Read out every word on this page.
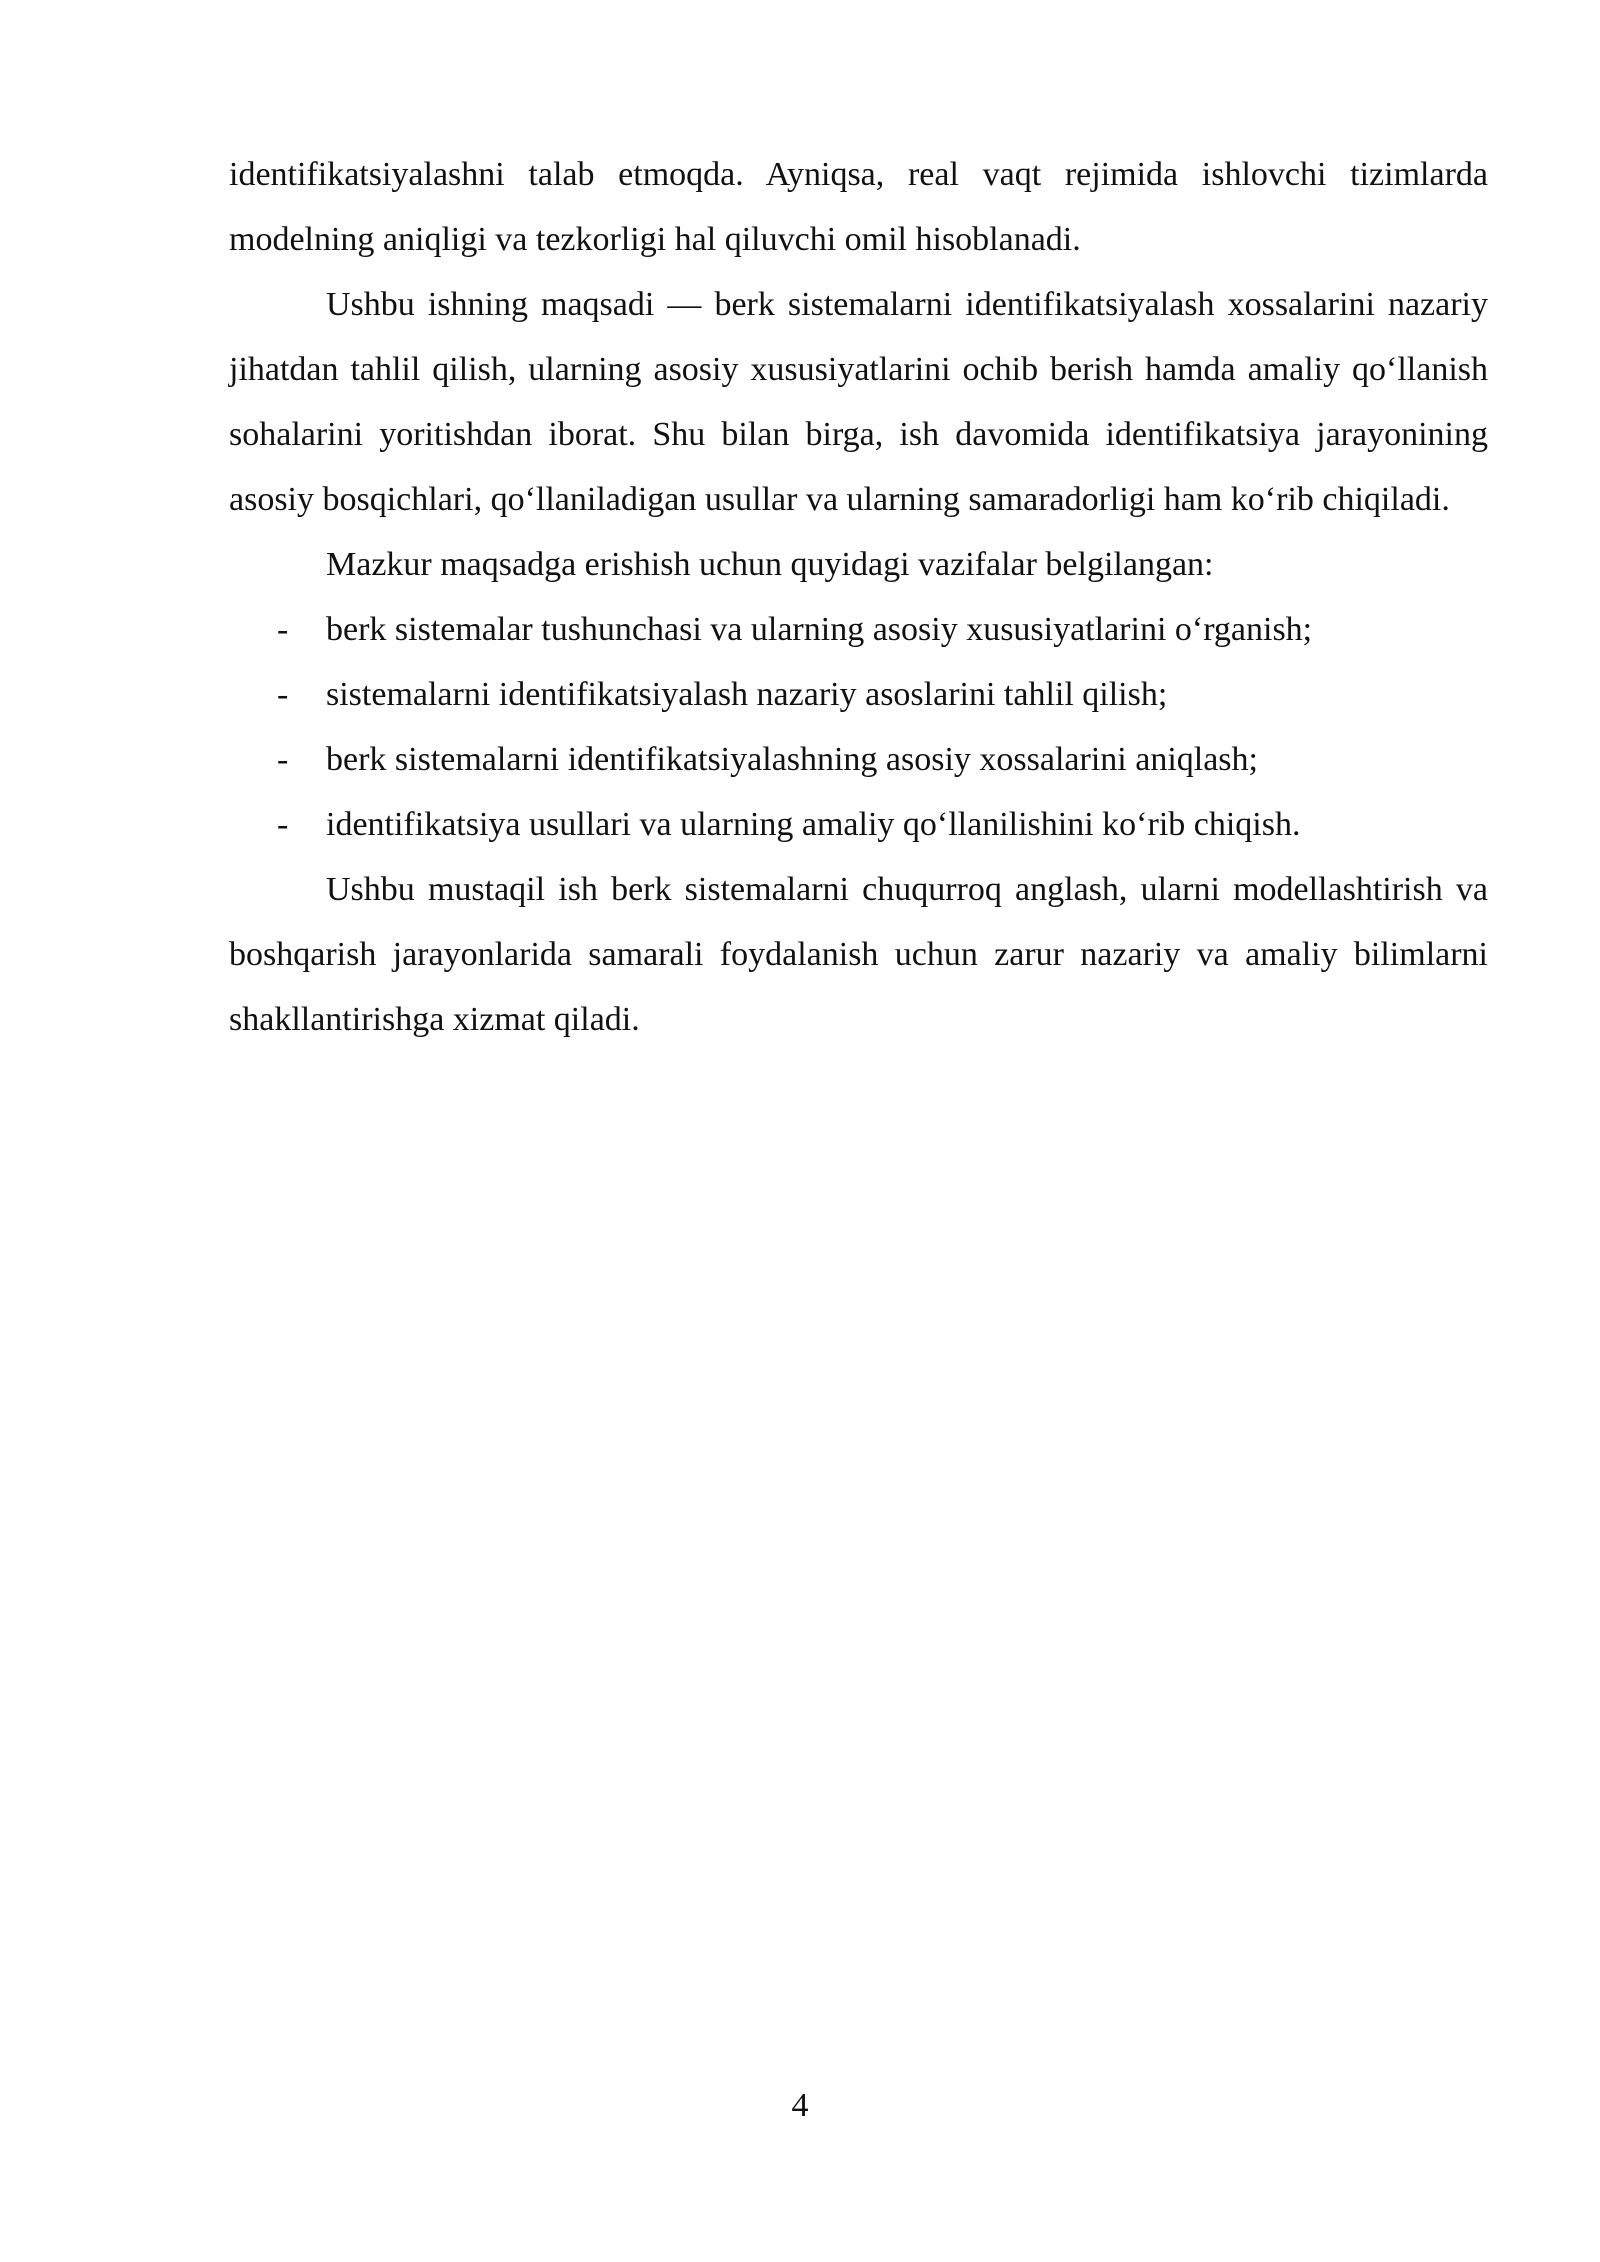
identifikatsiyalashni talab etmoqda. Ayniqsa, real vaqt rejimida ishlovchi tizimlarda modelning aniqligi va tezkorligi hal qiluvchi omil hisoblanadi.

Ushbu ishning maqsadi — berk sistemalarni identifikatsiyalash xossalarini nazariy jihatdan tahlil qilish, ularning asosiy xususiyatlarini ochib berish hamda amaliy qo‘llanish sohalarini yoritishdan iborat. Shu bilan birga, ish davomida identifikatsiya jarayonining asosiy bosqichlari, qo‘llaniladigan usullar va ularning samaradorligi ham ko‘rib chiqiladi.

Mazkur maqsadga erishish uchun quyidagi vazifalar belgilangan:

- berk sistemalar tushunchasi va ularning asosiy xususiyatlarini o‘rganish;
- sistemalarni identifikatsiyalash nazariy asoslarini tahlil qilish;
- berk sistemalarni identifikatsiyalashning asosiy xossalarini aniqlash;
- identifikatsiya usullari va ularning amaliy qo‘llanilishini ko‘rib chiqish.

Ushbu mustaqil ish berk sistemalarni chuqurroq anglash, ularni modellashtirish va boshqarish jarayonlarida samarali foydalanish uchun zarur nazariy va amaliy bilimlarni shakllantirishga xizmat qiladi.

4
